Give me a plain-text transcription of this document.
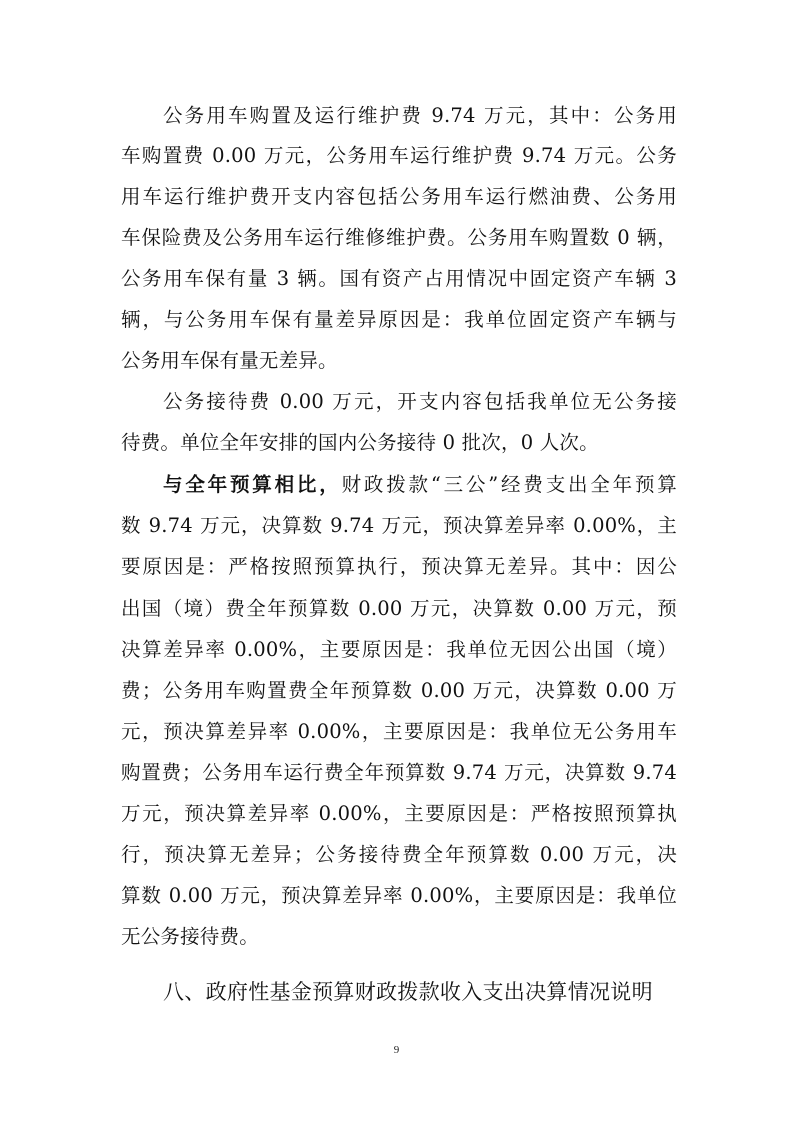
公务用车购置及运行维护费 9.74 万元，其中：公务用
车购置费 0.00 万元，公务用车运行维护费 9.74 万元。公务
用车运行维护费开支内容包括公务用车运行燃油费、公务用
车保险费及公务用车运行维修维护费。公务用车购置数 0 辆，
公务用车保有量 3 辆。国有资产占用情况中固定资产车辆 3
辆，与公务用车保有量差异原因是：我单位固定资产车辆与
公务用车保有量无差异。
公务接待费 0.00 万元，开支内容包括我单位无公务接
待费。单位全年安排的国内公务接待 0 批次，0 人次。
与全年预算相比，财政拨款“三公”经费支出全年预算
数 9.74 万元，决算数 9.74 万元，预决算差异率 0.00%，主
要原因是：严格按照预算执行，预决算无差异。其中：因公
出国（境）费全年预算数 0.00 万元，决算数 0.00 万元，预
决算差异率 0.00%，主要原因是：我单位无因公出国（境）
费；公务用车购置费全年预算数 0.00 万元，决算数 0.00 万
元，预决算差异率 0.00%，主要原因是：我单位无公务用车
购置费；公务用车运行费全年预算数 9.74 万元，决算数 9.74
万元，预决算差异率 0.00%，主要原因是：严格按照预算执
行，预决算无差异；公务接待费全年预算数 0.00 万元，决
算数 0.00 万元，预决算差异率 0.00%，主要原因是：我单位
无公务接待费。
八、政府性基金预算财政拨款收入支出决算情况说明
9
